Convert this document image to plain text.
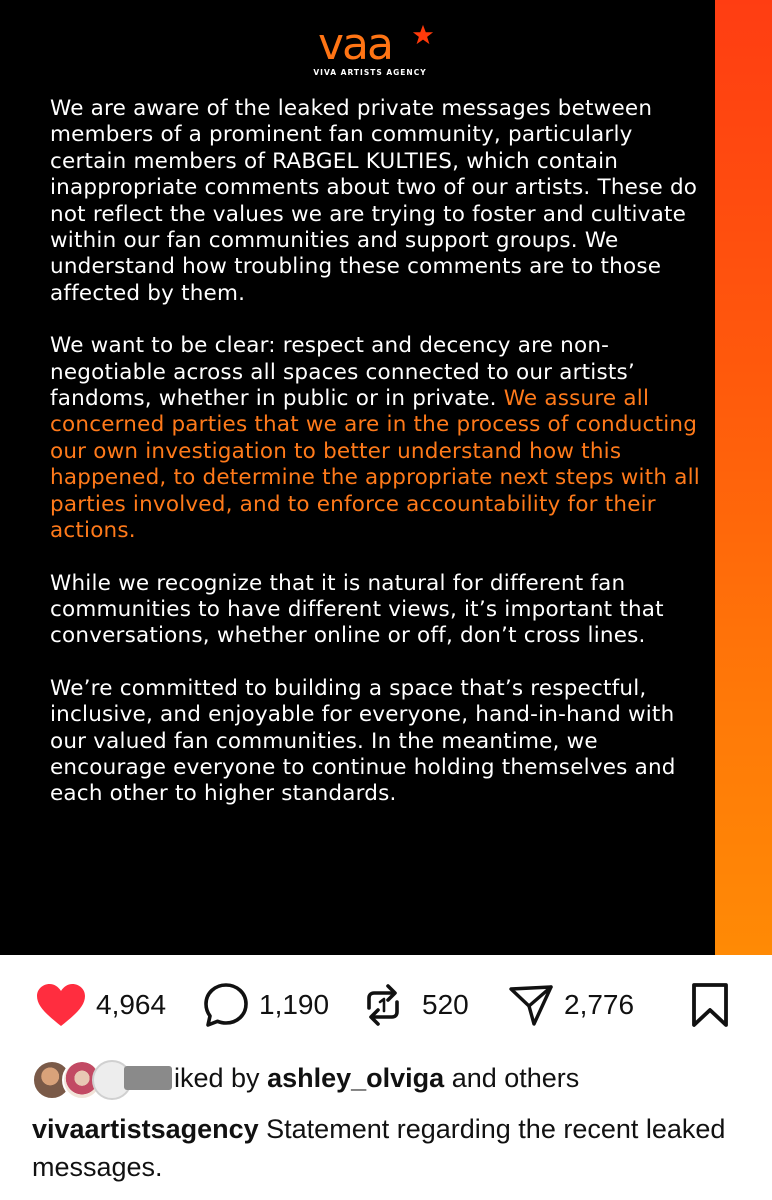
vaa
VIVA ARTISTS AGENCY

We are aware of the leaked private messages between members of a prominent fan community, particularly certain members of RABGEL KULTIES, which contain inappropriate comments about two of our artists. These do not reflect the values we are trying to foster and cultivate within our fan communities and support groups. We understand how troubling these comments are to those affected by them.

We want to be clear: respect and decency are non-negotiable across all spaces connected to our artists’ fandoms, whether in public or in private. We assure all concerned parties that we are in the process of conducting our own investigation to better understand how this happened, to determine the appropriate next steps with all parties involved, and to enforce accountability for their actions.

While we recognize that it is natural for different fan communities to have different views, it’s important that conversations, whether online or off, don’t cross lines.

We’re committed to building a space that’s respectful, inclusive, and enjoyable for everyone, hand-in-hand with our valued fan communities. In the meantime, we encourage everyone to continue holding themselves and each other to higher standards.

4,964	1,190	520	2,776
iked by ashley_olviga and others
vivaartistsagency Statement regarding the recent leaked messages.
